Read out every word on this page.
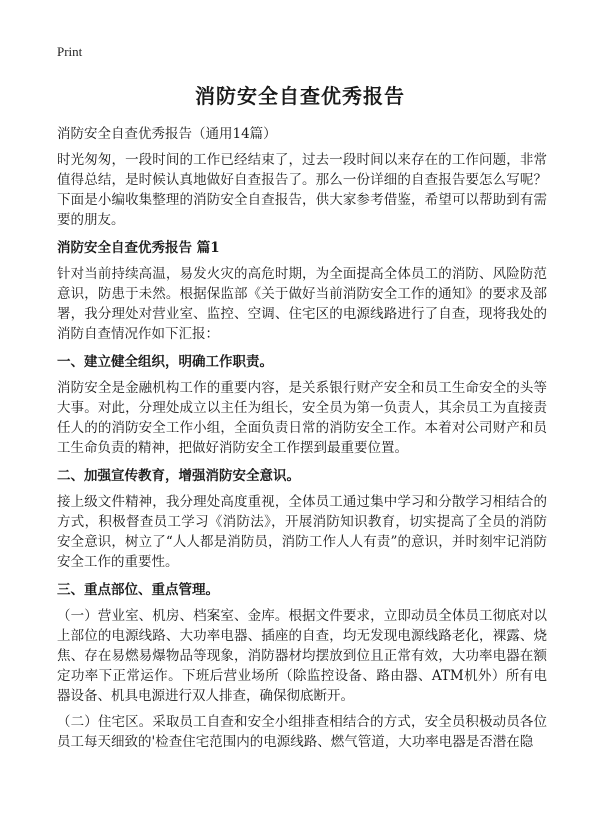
Print
消防安全自查优秀报告
消防安全自查优秀报告（通用14篇）
时光匆匆，一段时间的工作已经结束了，过去一段时间以来存在的工作问题，非常值得总结，是时候认真地做好自查报告了。那么一份详细的自查报告要怎么写呢？下面是小编收集整理的消防安全自查报告，供大家参考借鉴，希望可以帮助到有需要的朋友。
消防安全自查优秀报告 篇1
针对当前持续高温，易发火灾的高危时期，为全面提高全体员工的消防、风险防范意识，防患于未然。根据保监部《关于做好当前消防安全工作的通知》的要求及部署，我分理处对营业室、监控、空调、住宅区的电源线路进行了自查，现将我处的消防自查情况作如下汇报：
一、建立健全组织，明确工作职责。
消防安全是金融机构工作的重要内容，是关系银行财产安全和员工生命安全的头等大事。对此，分理处成立以主任为组长，安全员为第一负责人，其余员工为直接责任人的的消防安全工作小组，全面负责日常的消防安全工作。本着对公司财产和员工生命负责的精神，把做好消防安全工作摆到最重要位置。
二、加强宣传教育，增强消防安全意识。
接上级文件精神，我分理处高度重视，全体员工通过集中学习和分散学习相结合的方式，积极督查员工学习《消防法》，开展消防知识教育，切实提高了全员的消防安全意识，树立了“人人都是消防员，消防工作人人有责”的意识，并时刻牢记消防安全工作的重要性。
三、重点部位、重点管理。
（一）营业室、机房、档案室、金库。根据文件要求，立即动员全体员工彻底对以上部位的电源线路、大功率电器、插座的自查，均无发现电源线路老化，裸露、烧焦、存在易燃易爆物品等现象，消防器材均摆放到位且正常有效，大功率电器在额定功率下正常运作。下班后营业场所（除监控设备、路由器、ATM机外）所有电器设备、机具电源进行双人排查，确保彻底断开。
（二）住宅区。采取员工自查和安全小组排查相结合的方式，安全员积极动员各位员工每天细致的'检查住宅范围内的电源线路、燃气管道，大功率电器是否潜在隐
